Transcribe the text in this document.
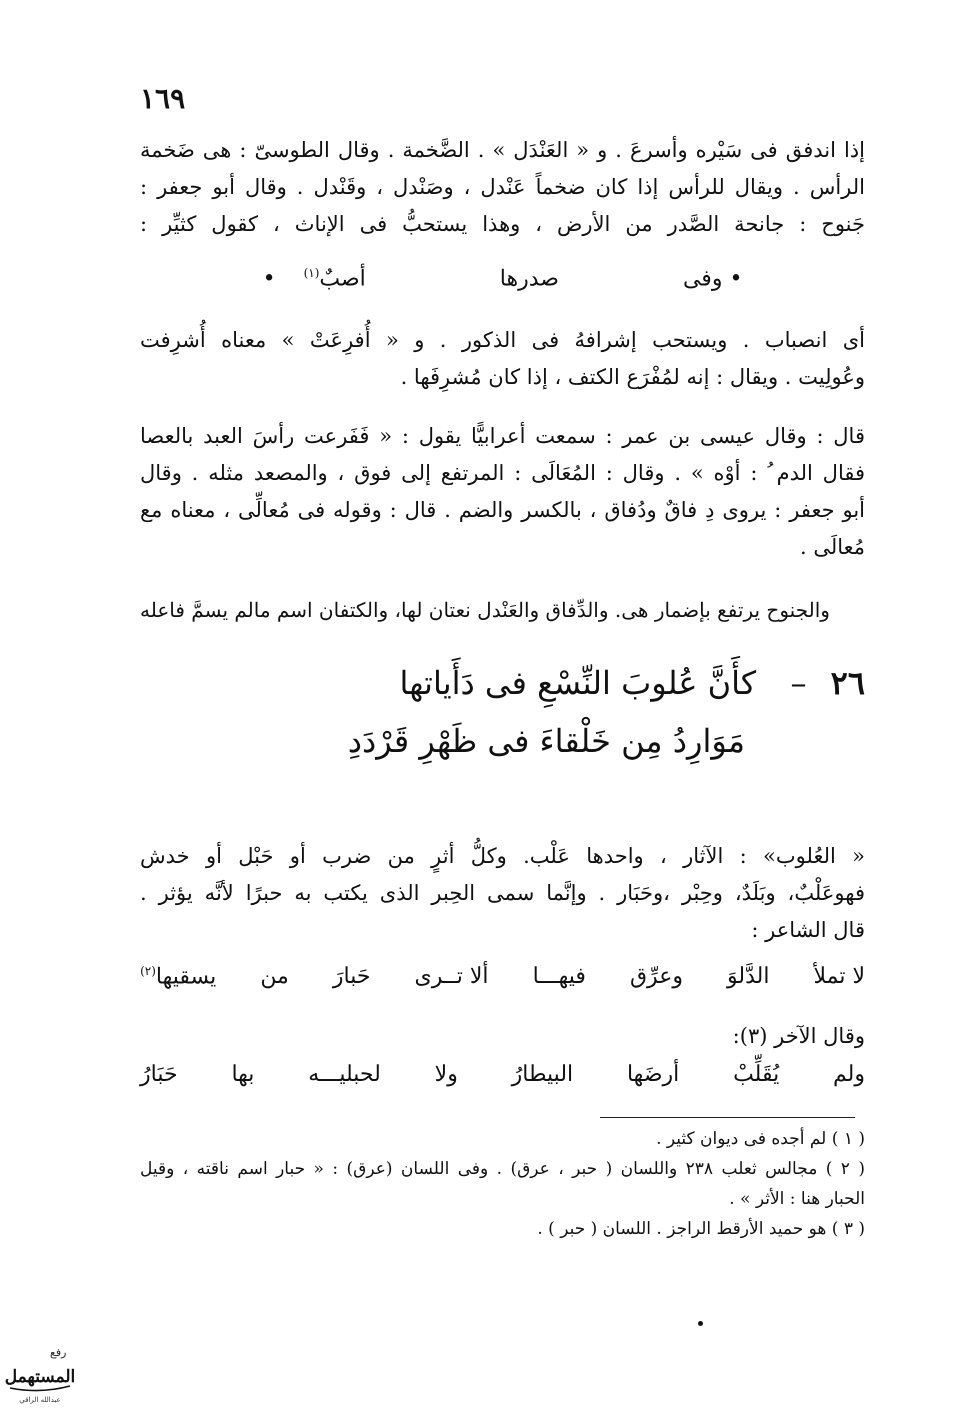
١٦٩
إذا اندفق فى سَيْره وأسرعَ . و « العَنْدَل » . الضَّخمة . وقال الطوسىّ : هى ضَخمة
الرأس . ويقال للرأس إذا كان ضخماً عَنْدل ، وصَنْدل ، وقَنْدل . وقال أبو جعفر :
جَنوح : جانحة الصَّدر من الأرض ، وهذا يستحبُّ فى الإناث ، كقول كثيِّر :
• وفى  صدرها  أصبٌ$^{(١)}$  •
أى انصباب . ويستحب إشرافهُ فى الذكور . و « أُفرِعَتْ » معناه أُشرِفت
وعُولِيت . ويقال : إنه لمُفْرَع الكتف ، إذا كان مُشرِفَها .
قال : وقال عيسى بن عمر : سمعت أعرابيًّا يقول : « فَفَرعت رأسَ العبد بالعصا
فقال الدم ُ : أوْه » . وقال : المُعَالَى : المرتفع إلى فوق ، والمصعد مثله . وقال
أبو جعفر : يروى دِ فاقٌ ودُفاق ، بالكسر والضم . قال : وقوله فى مُعالِّى ، معناه مع
مُعالَى .
والجنوح يرتفع بإضمار هى. والدِّفاق والعَنْدل نعتان لها، والكتفان اسم مالم يسمَّ فاعله
٢٦ –  كأَنَّ عُلوبَ النِّسْعِ فى دَأَياتها
مَوَارِدُ مِن خَلْقاءَ فى ظَهْرِ قَرْدَدِ
« العُلوب» : الآثار ، واحدها عَلْب. وكلُّ أثرٍ من ضرب أو حَبْل أو خدش
فهوعَلْبٌ، وبَلَدٌ، وحِبْر ،وحَبَار . وإنَّما سمى الحِبر الذى يكتب به حبرًا لأنَّه يؤثر .
قال الشاعر :
لا تملأ
الدَّلوَ
وعرِّق
فيهـــا
ألا تــرى
حَبارَ
من
يسقيها$^{(٢)}$
وقال الآخر (٣):
ولم
يُقَلِّبْ
أرضَها
البيطارُ
ولا
لحبليـــه
بها
حَبَارُ
( ١ ) لم أجده فى ديوان كثير .
( ٢ ) مجالس ثعلب ٢٣٨ واللسان ( حبر ، عرق) . وفى اللسان (عرق) : « حبار اسم ناقته ، وقيل
الحبار هنا : الأثر » .
( ٣ ) هو حميد الأرقط الراجز . اللسان ( حبر ) .
رفع
المستهمل
عبدالله الراقي
